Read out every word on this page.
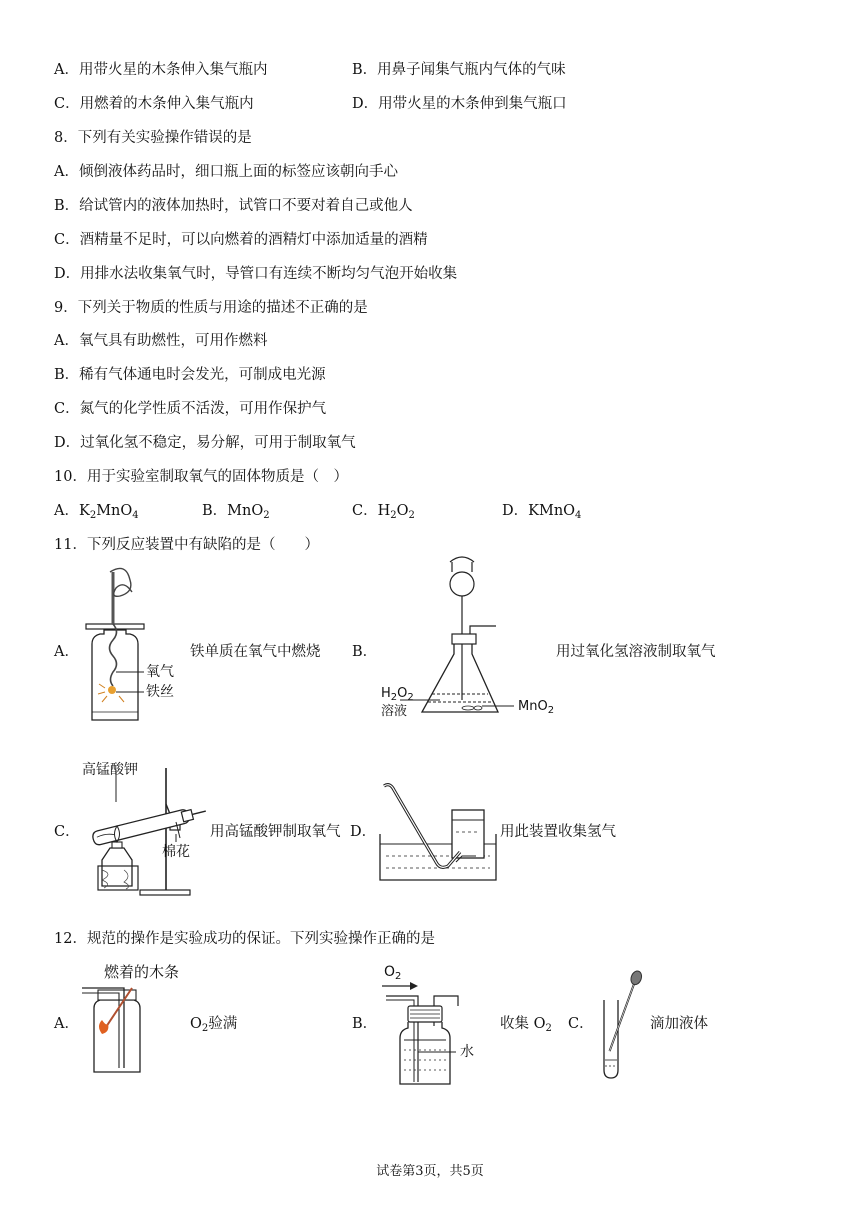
A．用带火星的木条伸入集气瓶内	B．用鼻子闻集气瓶内气体的气味
C．用燃着的木条伸入集气瓶内	D．用带火星的木条伸到集气瓶口
8．下列有关实验操作错误的是
A．倾倒液体药品时，细口瓶上面的标签应该朝向手心
B．给试管内的液体加热时，试管口不要对着自己或他人
C．酒精量不足时，可以向燃着的酒精灯中添加适量的酒精
D．用排水法收集氧气时，导管口有连续不断均匀气泡开始收集
9．下列关于物质的性质与用途的描述不正确的是
A．氧气具有助燃性，可用作燃料
B．稀有气体通电时会发光，可制成电光源
C．氮气的化学性质不活泼，可用作保护气
D．过氧化氢不稳定，易分解，可用于制取氧气
10．用于实验室制取氧气的固体物质是（　）
A．$K_2MnO_4$	B．MnO$_2$	C．$H_2O_2$	D．KMnO$_4$
11．下列反应装置中有缺陷的是（　　）
A．
氧气
铁丝
铁单质在氧气中燃烧 B．
$H_2O_2$
溶液	MnO$_2$
用过氧化氢溶液制取氧气
C．
高锰酸钾
棉花
用高锰酸钾制取氧气 D．	用此装置收集氢气
12．规范的操作是实验成功的保证。下列实验操作正确的是
A．
燃着的木条
$O_2$验满	B．
$O_2$
水
收集 $O_2$ C．	滴加液体
试卷第3页，共5页
